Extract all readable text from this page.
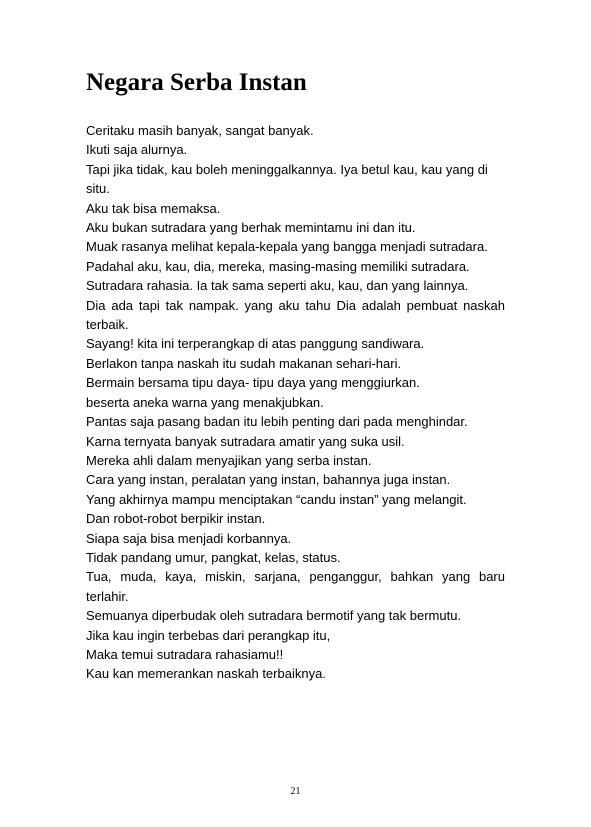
Negara Serba Instan
Ceritaku masih banyak, sangat banyak.
Ikuti saja alurnya.
Tapi jika tidak, kau boleh meninggalkannya. Iya betul kau, kau yang di situ.
Aku tak bisa memaksa.
Aku bukan sutradara yang berhak memintamu ini dan itu.
Muak rasanya melihat kepala-kepala yang bangga menjadi sutradara.
Padahal aku, kau, dia, mereka, masing-masing memiliki sutradara.
Sutradara rahasia. Ia tak sama seperti aku, kau, dan yang lainnya.
Dia ada tapi tak nampak. yang aku tahu Dia adalah pembuat naskah terbaik.
Sayang! kita ini terperangkap di atas panggung sandiwara.
Berlakon tanpa naskah itu sudah makanan sehari-hari.
Bermain bersama tipu daya- tipu daya yang menggiurkan.
beserta aneka warna yang menakjubkan.
Pantas saja pasang badan itu lebih penting dari pada menghindar.
Karna ternyata banyak sutradara amatir yang suka usil.
Mereka ahli dalam menyajikan yang serba instan.
Cara yang instan, peralatan yang instan, bahannya juga instan.
Yang akhirnya mampu menciptakan “candu instan” yang melangit.
Dan robot-robot berpikir instan.
Siapa saja bisa menjadi korbannya.
Tidak pandang umur, pangkat, kelas, status.
Tua, muda, kaya, miskin, sarjana, penganggur, bahkan yang baru terlahir.
Semuanya diperbudak oleh sutradara bermotif yang tak bermutu.
Jika kau ingin terbebas dari perangkap itu,
Maka temui sutradara rahasiamu!!
Kau kan memerankan naskah terbaiknya.
21
